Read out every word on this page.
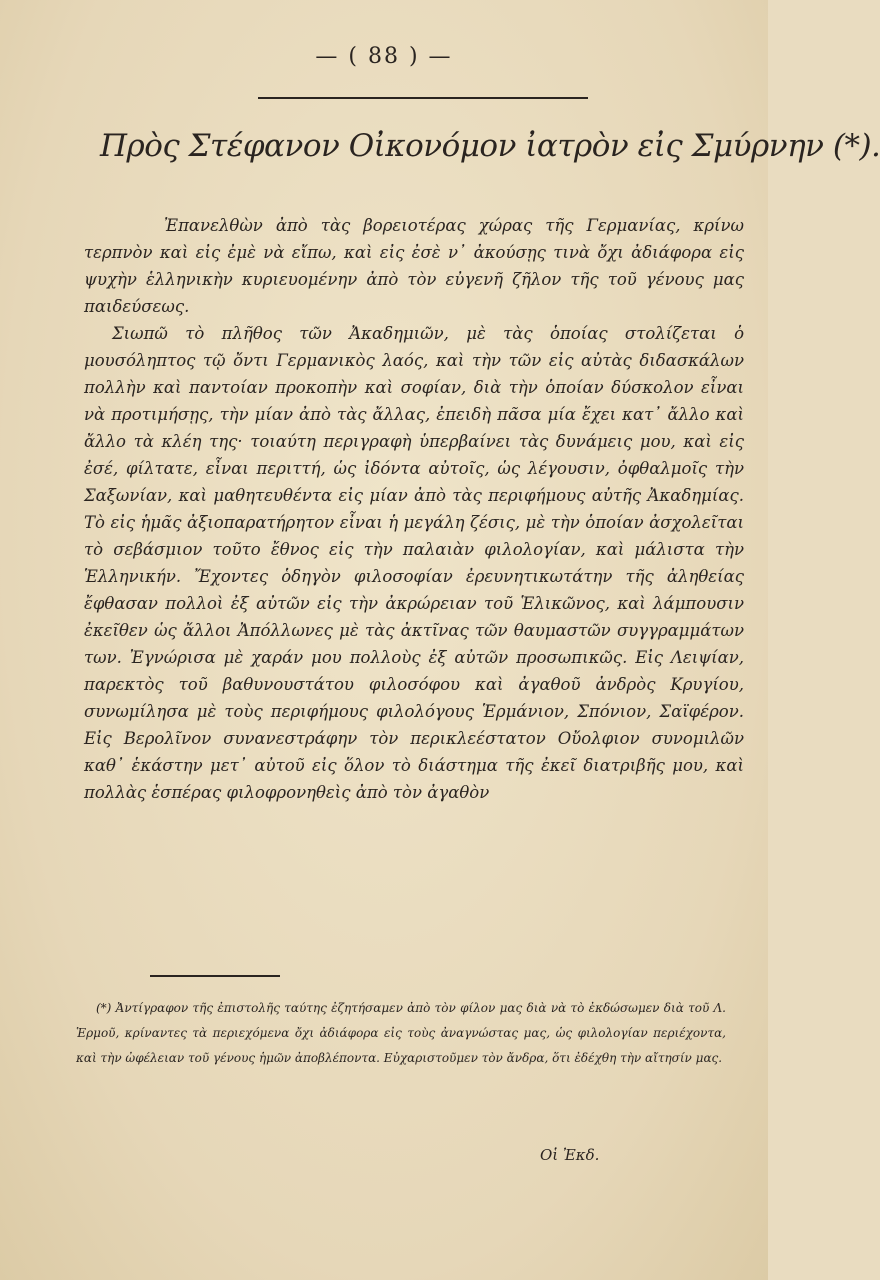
— ( 88 ) —
Πρὸς Στέφανον Οἰκονόμον ἰατρὸν εἰς Σμύρνην (*).

Ἐπανελθὼν ἀπὸ τὰς βορειοτέρας χώρας τῆς Γερμανίας, κρίνω τερπνὸν καὶ εἰς ἐμὲ νὰ εἴπω, καὶ εἰς ἐσὲ ν᾽ ἀκούσῃς τινὰ ὄχι ἀδιάφορα εἰς ψυχὴν ἑλληνικὴν κυριευομένην ἀπὸ τὸν εὐγενῆ ζῆλον τῆς τοῦ γένους μας παιδεύσεως.

Σιωπῶ τὸ πλῆθος τῶν Ἀκαδημιῶν, μὲ τὰς ὁποίας στολίζεται ὁ μουσόληπτος τῷ ὄντι Γερμανικὸς λαός, καὶ τὴν τῶν εἰς αὐτὰς διδασκάλων πολλὴν καὶ παντοίαν προκοπὴν καὶ σοφίαν, διὰ τὴν ὁποίαν δύσκολον εἶναι νὰ προτιμήσῃς, τὴν μίαν ἀπὸ τὰς ἄλλας, ἐπειδὴ πᾶσα μία ἔχει κατ᾽ ἄλλο καὶ ἄλλο τὰ κλέη της· τοιαύτη περιγραφὴ ὑπερβαίνει τὰς δυνάμεις μου, καὶ εἰς ἐσέ, φίλτατε, εἶναι περιττή, ὡς ἰδόντα αὐτοῖς, ὡς λέγουσιν, ὀφθαλμοῖς τὴν Σαξωνίαν, καὶ μαθητευθέντα εἰς μίαν ἀπὸ τὰς περιφήμους αὐτῆς Ἀκαδημίας. Τὸ εἰς ἡμᾶς ἀξιοπαρατήρητον εἶναι ἡ μεγάλη ζέσις, μὲ τὴν ὁποίαν ἀσχολεῖται τὸ σεβάσμιον τοῦτο ἔθνος εἰς τὴν παλαιὰν φιλολογίαν, καὶ μάλιστα τὴν Ἑλληνικήν. Ἔχοντες ὁδηγὸν φιλοσοφίαν ἐρευνητικωτάτην τῆς ἀληθείας ἔφθασαν πολλοὶ ἐξ αὐτῶν εἰς τὴν ἀκρώρειαν τοῦ Ἑλικῶνος, καὶ λάμπουσιν ἐκεῖθεν ὡς ἄλλοι Ἀπόλλωνες μὲ τὰς ἀκτῖνας τῶν θαυμαστῶν συγγραμμάτων των. Ἐγνώρισα μὲ χαράν μου πολλοὺς ἐξ αὐτῶν προσωπικῶς. Εἰς Λειψίαν, παρεκτὸς τοῦ βαθυνουστάτου φιλοσόφου καὶ ἀγαθοῦ ἀνδρὸς Κρυγίου, συνωμίλησα μὲ τοὺς περιφήμους φιλολόγους Ἑρμάνιον, Σπόνιον, Σαϊφέρον. Εἰς Βερολῖνον συνανεστράφην τὸν περικλεέστατον Οὔολφιον συνομιλῶν καθ᾽ ἑκάστην μετ᾽ αὐτοῦ εἰς ὅλον τὸ διάστημα τῆς ἐκεῖ διατριβῆς μου, καὶ πολλὰς ἑσπέρας φιλοφρονηθεὶς ἀπὸ τὸν ἀγαθὸν

(*) Ἀντίγραφον τῆς ἐπιστολῆς ταύτης ἐζητήσαμεν ἀπὸ τὸν φίλον μας διὰ νὰ τὸ ἐκδώσωμεν διὰ τοῦ Λ. Ἑρμοῦ, κρίναντες τὰ περιεχόμενα ὄχι ἀδιάφορα εἰς τοὺς ἀναγνώστας μας, ὡς φιλολογίαν περιέχοντα, καὶ τὴν ὠφέλειαν τοῦ γένους ἡμῶν ἀποβλέποντα. Εὐχαριστοῦμεν τὸν ἄνδρα, ὅτι ἐδέχθη τὴν αἴτησίν μας.

Οἱ Ἐκδ.
